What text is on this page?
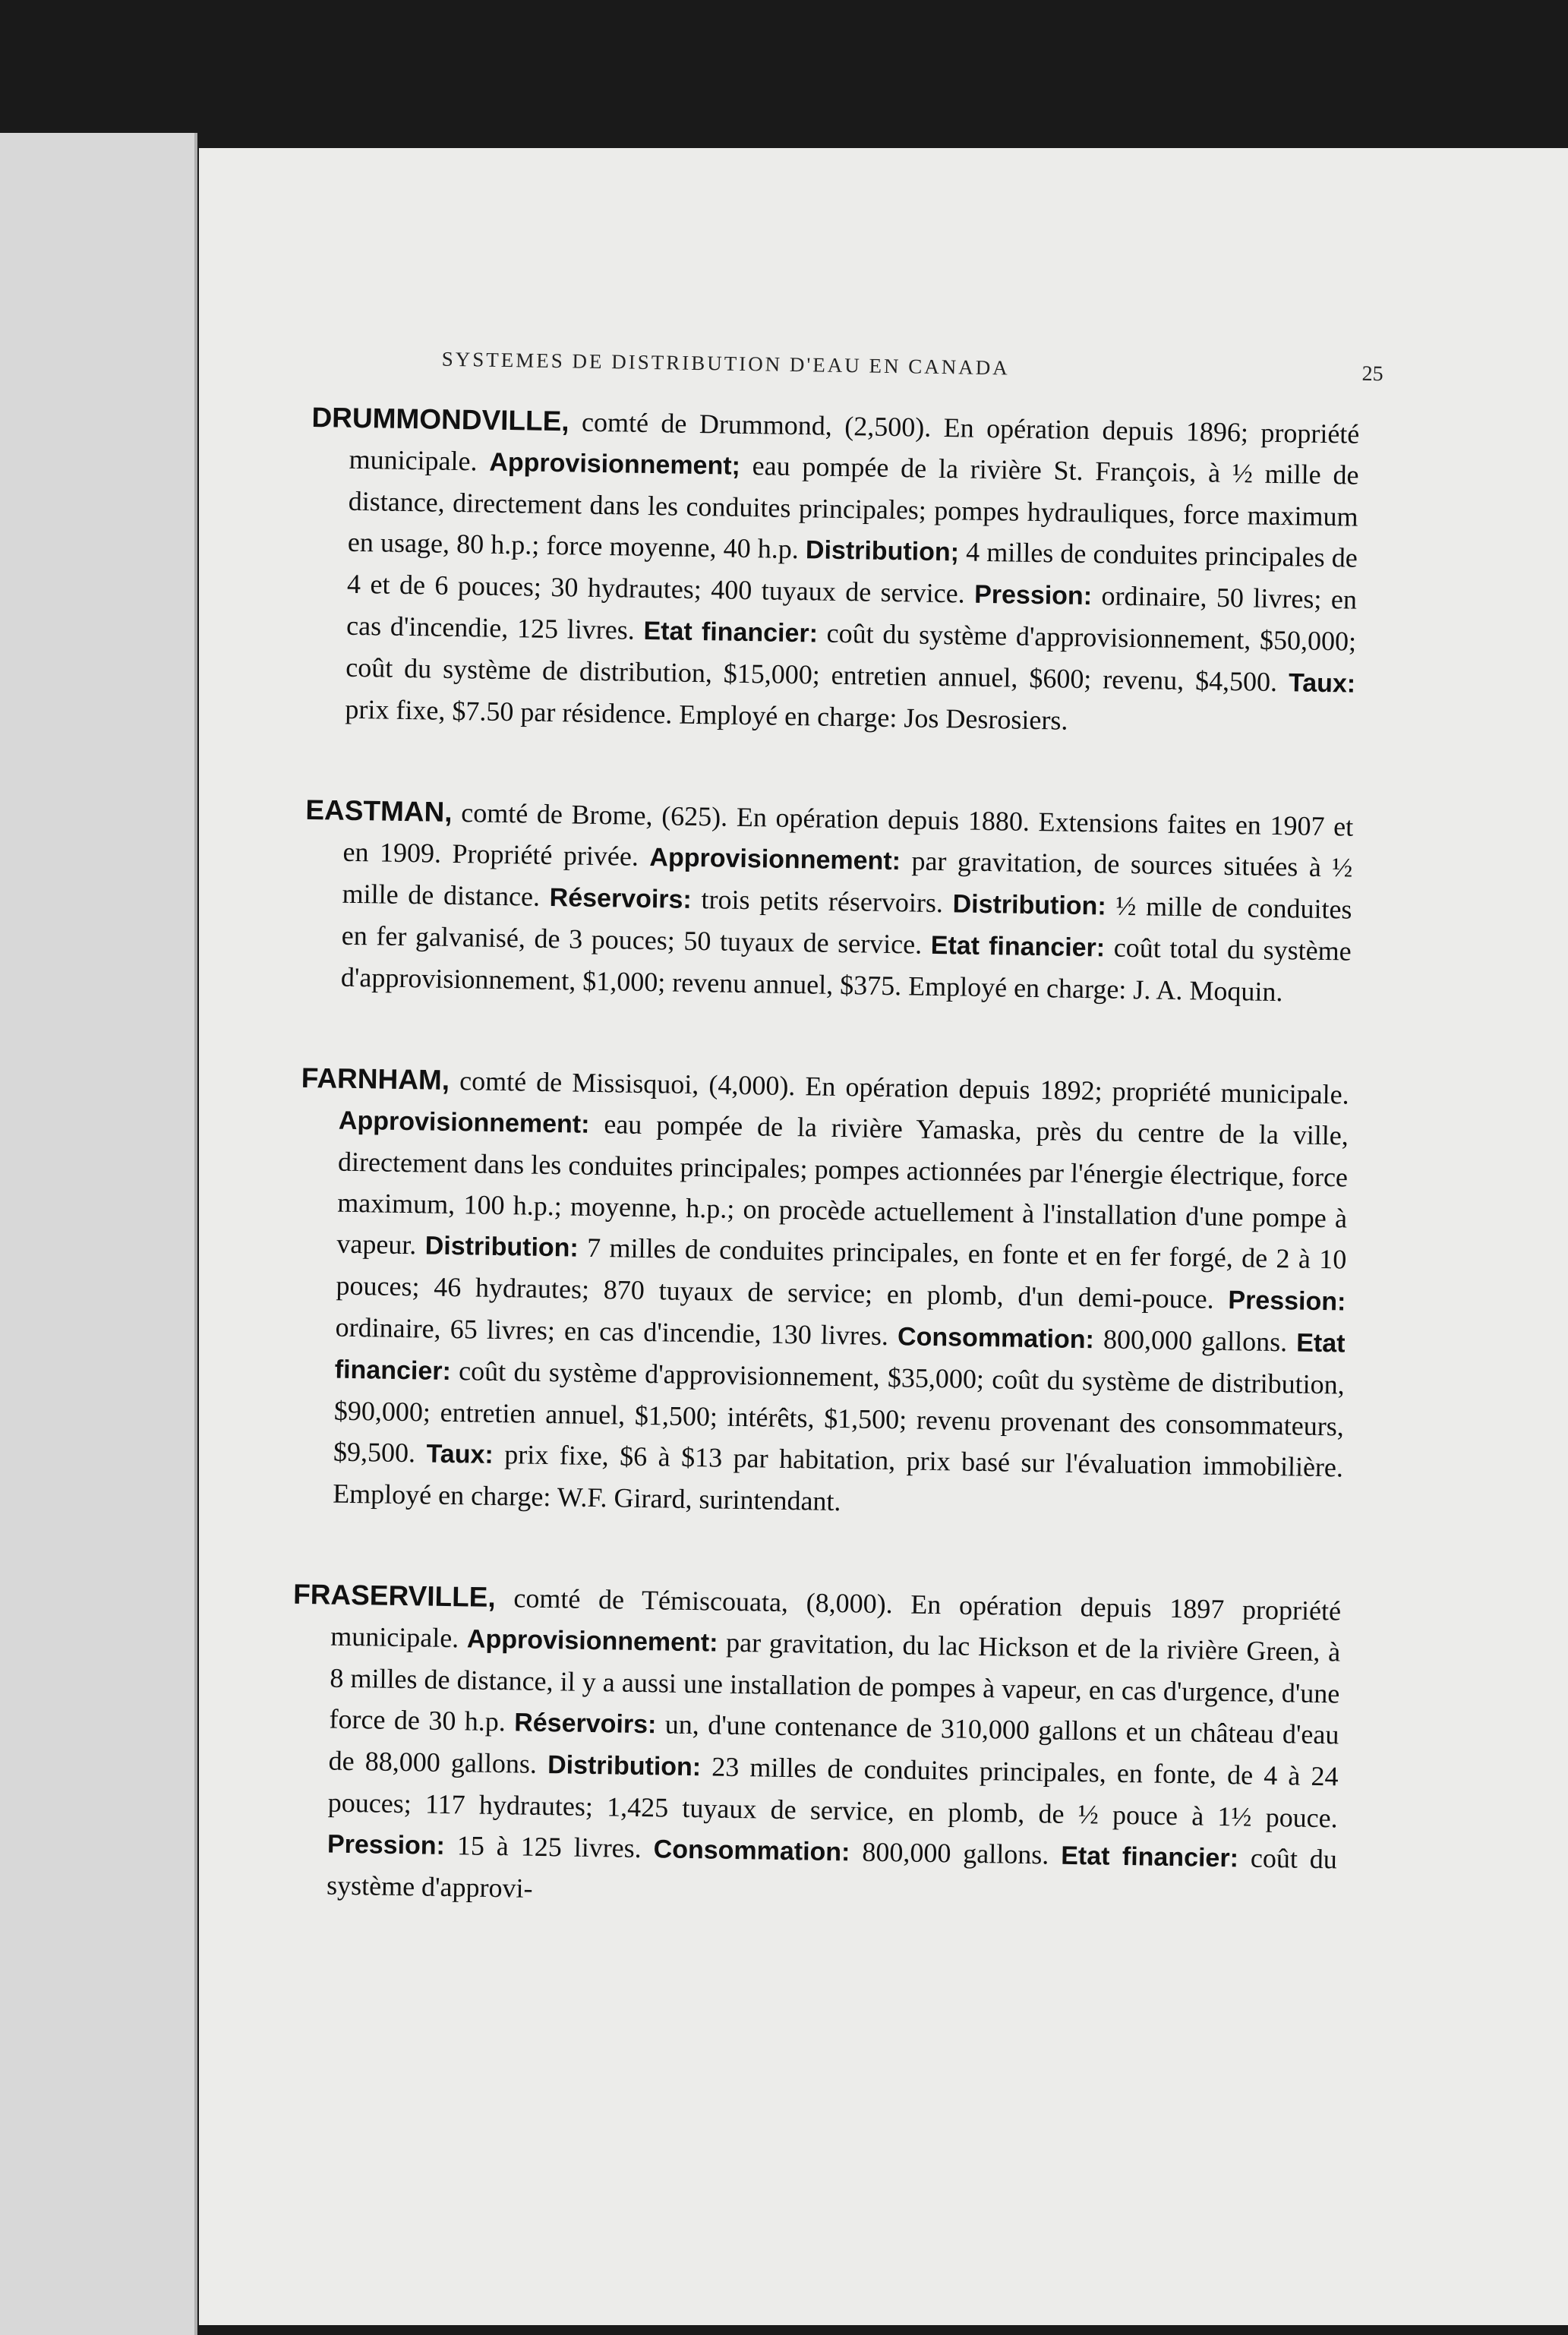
SYSTEMES DE DISTRIBUTION D'EAU EN CANADA	25

DRUMMONDVILLE, comté de Drummond, (2,500). En opération depuis 1896; propriété municipale. Approvisionnement; eau pompée de la rivière St. François, à ½ mille de distance, directement dans les conduites principales; pompes hydrauliques, force maximum en usage, 80 h.p.; force moyenne, 40 h.p. Distribution; 4 milles de conduites principales de 4 et de 6 pouces; 30 hydrautes; 400 tuyaux de service. Pression: ordinaire, 50 livres; en cas d'incendie, 125 livres. Etat financier: coût du système d'approvisionnement, $50,000; coût du système de distribution, $15,000; entretien annuel, $600; revenu, $4,500. Taux: prix fixe, $7.50 par résidence. Employé en charge: Jos Desrosiers.

EASTMAN, comté de Brome, (625). En opération depuis 1880. Extensions faites en 1907 et en 1909. Propriété privée. Approvisionnement: par gravitation, de sources situées à ½ mille de distance. Réservoirs: trois petits réservoirs. Distribution: ½ mille de conduites en fer galvanisé, de 3 pouces; 50 tuyaux de service. Etat financier: coût total du système d'approvisionnement, $1,000; revenu annuel, $375. Employé en charge: J. A. Moquin.

FARNHAM, comté de Missisquoi, (4,000). En opération depuis 1892; propriété municipale. Approvisionnement: eau pompée de la rivière Yamaska, près du centre de la ville, directement dans les conduites principales; pompes actionnées par l'énergie électrique, force maximum, 100 h.p.; moyenne, h.p.; on procède actuellement à l'installation d'une pompe à vapeur. Distribution: 7 milles de conduites principales, en fonte et en fer forgé, de 2 à 10 pouces; 46 hydrautes; 870 tuyaux de service; en plomb, d'un demi-pouce. Pression: ordinaire, 65 livres; en cas d'incendie, 130 livres. Consommation: 800,000 gallons. Etat financier: coût du système d'approvisionnement, $35,000; coût du système de distribution, $90,000; entretien annuel, $1,500; intérêts, $1,500; revenu provenant des consommateurs, $9,500. Taux: prix fixe, $6 à $13 par habitation, prix basé sur l'évaluation immobilière. Employé en charge: W.F. Girard, surintendant.

FRASERVILLE, comté de Témiscouata, (8,000). En opération depuis 1897 propriété municipale. Approvisionnement: par gravitation, du lac Hickson et de la rivière Green, à 8 milles de distance, il y a aussi une installation de pompes à vapeur, en cas d'urgence, d'une force de 30 h.p. Réservoirs: un, d'une contenance de 310,000 gallons et un château d'eau de 88,000 gallons. Distribution: 23 milles de conduites principales, en fonte, de 4 à 24 pouces; 117 hydrautes; 1,425 tuyaux de service, en plomb, de ½ pouce à 1½ pouce. Pression: 15 à 125 livres. Consommation: 800,000 gallons. Etat financier: coût du système d'approvi-
